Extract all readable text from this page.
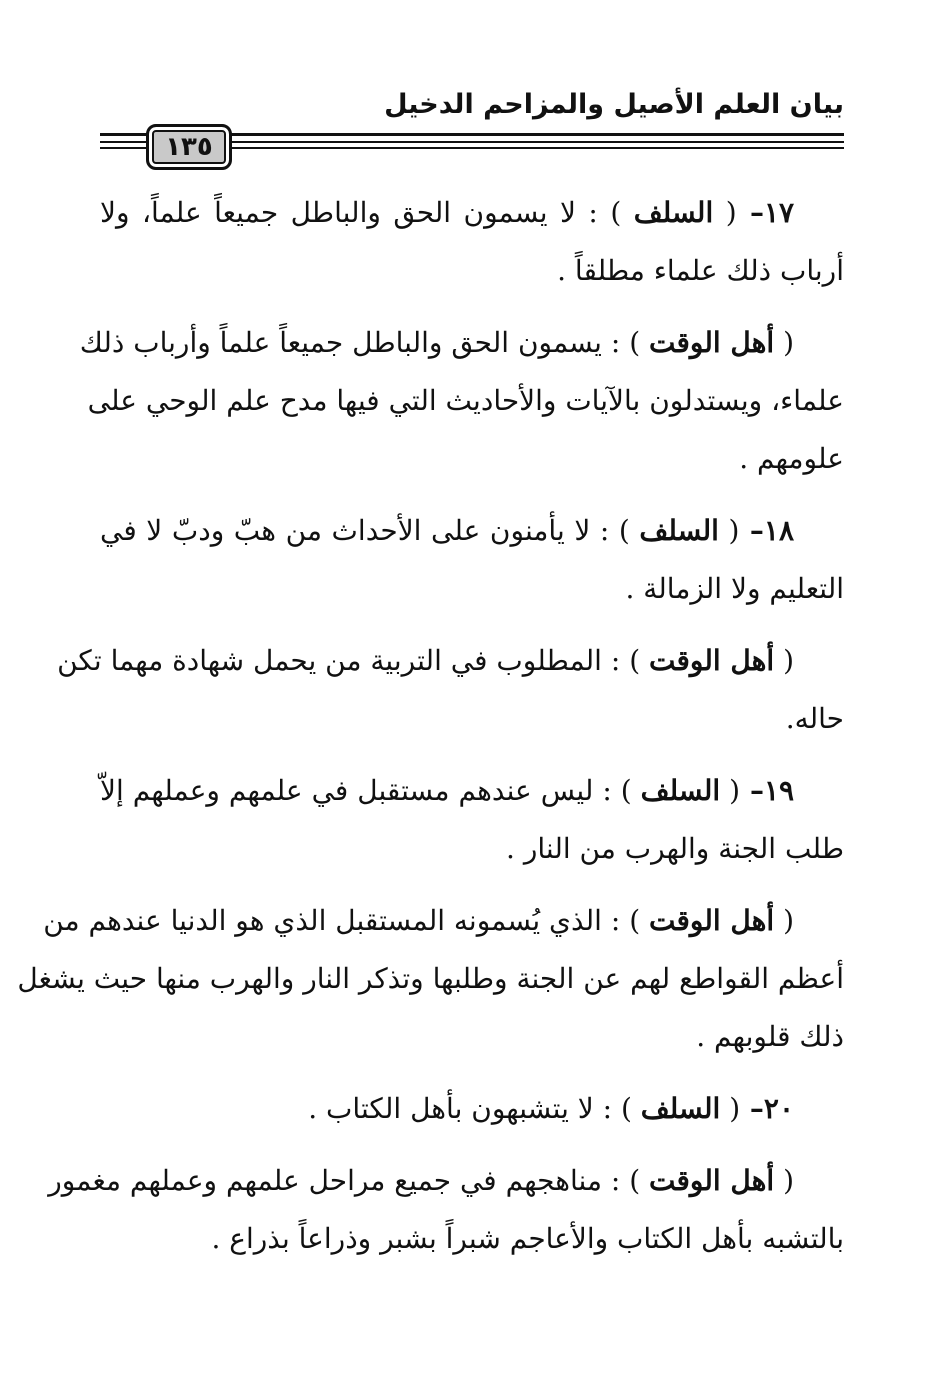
بيان العلم الأصيل والمزاحم الدخيل
١٣٥
١٧– ( السلف ) : لا يسمون الحق والباطل جميعاً علماً، ولا
أرباب ذلك علماء مطلقاً .
( أهل الوقت ) : يسمون الحق والباطل جميعاً علماً وأرباب ذلك
علماء، ويستدلون بالآيات والأحاديث التي فيها مدح علم الوحي على
علومهم .
١٨– ( السلف ) : لا يأمنون على الأحداث من هبّ ودبّ لا في
التعليم ولا الزمالة .
( أهل الوقت ) : المطلوب في التربية من يحمل شهادة مهما تكن
حاله.
١٩– ( السلف ) : ليس عندهم مستقبل في علمهم وعملهم إلاّ
طلب الجنة والهرب من النار .
( أهل الوقت ) : الذي يُسمونه المستقبل الذي هو الدنيا عندهم من
أعظم القواطع لهم عن الجنة وطلبها وتذكر النار والهرب منها حيث يشغل
ذلك قلوبهم .
٢٠– ( السلف ) : لا يتشبهون بأهل الكتاب .
( أهل الوقت ) : مناهجهم في جميع مراحل علمهم وعملهم مغمور
بالتشبه بأهل الكتاب والأعاجم شبراً بشبر وذراعاً بذراع .
